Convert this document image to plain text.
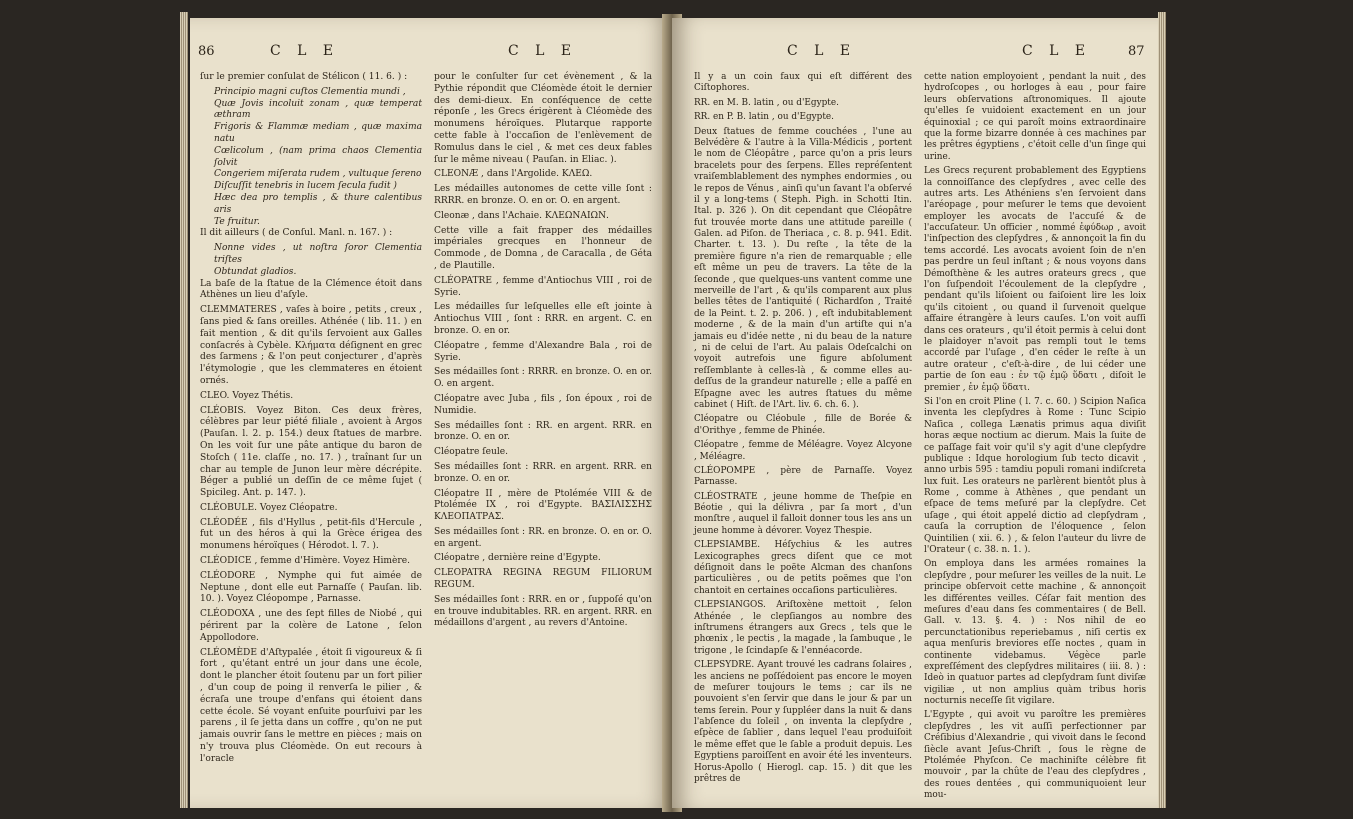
86	C L E	C L E

ſur le premier conſulat de Stélicon ( 11. 6. ) :

Principio magni cuſtos Clementia mundi ,

Quæ Jovis incoluit zonam , quæ temperat æthram

Frigoris & Flammæ mediam , quæ maxima natu

Cœlicolum , (nam prima chaos Clementia ſolvit

Congeriem miſerata rudem , vultuque ſereno

Diſcuſſit tenebris in lucem ſecula fudit )

Hæc dea pro templis , & thure calentibus aris

Te fruitur.

Il dit ailleurs ( de Conſul. Manl. n. 167. ) :

Nonne vides , ut noſtra ſoror Clementia triſtes

Obtundat gladios.

La baſe de la ſtatue de la Clémence étoit dans Athènes un lieu d'aſyle.

CLEMMATERES , vaſes à boire , petits , creux , ſans pied & ſans oreilles. Athénée ( lib. 11. ) en fait mention , & dit qu'ils ſervoient aux Galles conſacrés à Cybèle. Κλήματα déſignent en grec des ſarmens ; & l'on peut conjecturer , d'après l'étymologie , que les clemmateres en étoient ornés.

CLEO. Voyez Thétis.

CLÉOBIS. Voyez Biton. Ces deux frères, célèbres par leur piété filiale , avoient à Argos (Pauſan. l. 2. p. 154.) deux ſtatues de marbre. On les voit ſur une pâte antique du baron de Stoſch ( 11e. claſſe , no. 17. ) , traînant ſur un char au temple de Junon leur mère décrépite. Béger a publié un deſſin de ce même ſujet ( Spicileg. Ant. p. 147. ).

CLÉOBULE. Voyez Cléopatre.

CLÉODÉE , fils d'Hyllus , petit-fils d'Hercule , fut un des héros à qui la Grèce érigea des monumens héroïques ( Hérodot. l. 7. ).

CLÉODICE , femme d'Himère. Voyez Himère.

CLÉODORE , Nymphe qui fut aimée de Neptune , dont elle eut Parnaſſe ( Pauſan. lib. 10. ). Voyez Cléopompe , Parnasse.

CLÉODOXA , une des ſept filles de Niobé , qui périrent par la colère de Latone , ſelon Appollodore.

CLÉOMÈDE d'Aſtypalée , étoit ſi vigoureux & ſi fort , qu'étant entré un jour dans une école, dont le plancher étoit ſoutenu par un fort pilier , d'un coup de poing il renverſa le pilier , & écraſa une troupe d'enfans qui étoient dans cette école. Sé voyant enſuite pourſuivi par les parens , il ſe jetta dans un coffre , qu'on ne put jamais ouvrir ſans le mettre en pièces ; mais on n'y trouva plus Cléomède. On eut recours à l'oracle

pour le conſulter ſur cet évènement , & la Pythie répondit que Cléomède étoit le dernier des demi-dieux. En conſéquence de cette réponſe , les Grecs érigèrent à Cléomède des monumens héroïques. Plutarque rapporte cette fable à l'occaſion de l'enlèvement de Romulus dans le ciel , & met ces deux fables ſur le même niveau ( Pauſan. in Eliac. ).

CLEONÆ , dans l'Argolide. ΚΛΕΩ.

Les médailles autonomes de cette ville ſont : RRRR. en bronze. O. en or. O. en argent.

Cleonæ , dans l'Achaie. ΚΛΕΩΝΑΙΩΝ.

Cette ville a fait frapper des médailles impériales grecques en l'honneur de Commode , de Domna , de Caracalla , de Géta , de Plautille.

CLÉOPATRE , femme d'Antiochus VIII , roi de Syrie.

Les médailles ſur leſquelles elle eſt jointe à Antiochus VIII , ſont : RRR. en argent. C. en bronze. O. en or.

Cléopatre , femme d'Alexandre Bala , roi de Syrie.

Ses médailles ſont : RRRR. en bronze. O. en or. O. en argent.

Cléopatre avec Juba , fils , ſon époux , roi de Numidie.

Ses médailles ſont : RR. en argent. RRR. en bronze. O. en or.

Cléopatre ſeule.

Ses médailles ſont : RRR. en argent. RRR. en bronze. O. en or.

Cléopatre II , mère de Ptolémée VIII & de Ptolémée IX , roi d'Egypte. ΒΑΣΙΛΙΣΣΗΣ ΚΛΕΟΠΑΤΡΑΣ.

Ses médailles ſont : RR. en bronze. O. en or. O. en argent.

Cléopatre , dernière reine d'Egypte.

CLEOPATRA REGINA REGUM FILIORUM REGUM.

Ses médailles ſont : RRR. en or , ſuppoſé qu'on en trouve indubitables. RR. en argent. RRR. en médaillons d'argent , au revers d'Antoine.

C L E	C L E	87

Il y a un coin faux qui eſt différent des Ciſtophores.

RR. en M. B. latin , ou d'Egypte.

RR. en P. B. latin , ou d'Egypte.

Deux ſtatues de femme couchées , l'une au Belvédère & l'autre à la Villa-Médicis , portent le nom de Cléopâtre , parce qu'on a pris leurs bracelets pour des ſerpens. Elles repréſentent vraiſemblablement des nymphes endormies , ou le repos de Vénus , ainſi qu'un ſavant l'a obſervé il y a long-tems ( Steph. Pigh. in Schotti Itin. Ital. p. 326 ). On dit cependant que Cléopâtre fut trouvée morte dans une attitude pareille ( Galen. ad Piſon. de Theriaca , c. 8. p. 941. Edit. Charter. t. 13. ). Du reſte , la tête de la première figure n'a rien de remarquable ; elle eſt même un peu de travers. La tête de la ſeconde , que quelques-uns vantent comme une merveille de l'art , & qu'ils comparent aux plus belles têtes de l'antiquité ( Richardſon , Traité de la Peint. t. 2. p. 206. ) , eſt indubitablement moderne , & de la main d'un artiſte qui n'a jamais eu d'idée nette , ni du beau de la nature , ni de celui de l'art. Au palais Odeſcalchi on voyoit autrefois une figure abſolument reſſemblante à celles-là , & comme elles au-deſſus de la grandeur naturelle ; elle a paſſé en Eſpagne avec les autres ſtatues du même cabinet ( Hiſt. de l'Art. liv. 6. ch. 6. ).

Cléopatre ou Cléobule , fille de Borée & d'Orithye , femme de Phinée.

Cléopatre , femme de Méléagre. Voyez Alcyone , Méléagre.

CLÉOPOMPE , père de Parnaſſe. Voyez Parnasse.

CLÉOSTRATE , jeune homme de Theſpie en Béotie , qui la délivra , par ſa mort , d'un monſtre , auquel il falloit donner tous les ans un jeune homme à dévorer. Voyez Thespie.

CLEPSIAMBE. Héſychius & les autres Lexicographes grecs diſent que ce mot déſignoit dans le poëte Alcman des chanſons particulières , ou de petits poëmes que l'on chantoit en certaines occaſions particulières.

CLEPSIANGOS. Ariſtoxène mettoit , ſelon Athénée , le clepſiangos au nombre des inſtrumens étrangers aux Grecs , tels que le phœnix , le pectis , la magade , la ſambuque , le trigone , le ſcindapſe & l'ennéacorde.

CLEPSYDRE. Ayant trouvé les cadrans ſolaires , les anciens ne poſſédoient pas encore le moyen de meſurer toujours le tems ; car ils ne pouvoient s'en ſervir que dans le jour & par un tems ſerein. Pour y ſuppléer dans la nuit & dans l'abſence du ſoleil , on inventa la clepſydre , eſpèce de ſablier , dans lequel l'eau produiſoit le même effet que le ſable a produit depuis. Les Egyptiens paroiſſent en avoir été les inventeurs. Horus-Apollo ( Hierogl. cap. 15. ) dit que les prêtres de

cette nation employoient , pendant la nuit , des hydroſcopes , ou horloges à eau , pour faire leurs obſervations aſtronomiques. Il ajoute qu'elles ſe vuidoient exactement en un jour équinoxial ; ce qui paroît moins extraordinaire que la forme bizarre donnée à ces machines par les prêtres égyptiens , c'étoit celle d'un ſinge qui urine.

Les Grecs reçurent probablement des Egyptiens la connoiſſance des clepſydres , avec celle des autres arts. Les Athéniens s'en ſervoient dans l'aréopage , pour meſurer le tems que devoient employer les avocats de l'accuſé & de l'accuſateur. Un officier , nommé ἐφύδωρ , avoit l'inſpection des clepſydres , & annonçoit la fin du tems accordé. Les avocats avoient ſoin de n'en pas perdre un ſeul inſtant ; & nous voyons dans Démoſthène & les autres orateurs grecs , que l'on ſuſpendoit l'écoulement de la clepſydre , pendant qu'ils liſoient ou faiſoient lire les loix qu'ils citoient , ou quand il ſurvenoit quelque affaire étrangère à leurs cauſes. L'on voit auſſi dans ces orateurs , qu'il étoit permis à celui dont le plaidoyer n'avoit pas rempli tout le tems accordé par l'uſage , d'en céder le reſte à un autre orateur , c'eſt-à-dire , de lui céder une partie de ſon eau : ἐν τῷ ἐμῷ ὕδατι , diſoit le premier , ἐν ἐμῷ ὕδατι.

Si l'on en croit Pline ( l. 7. c. 60. ) Scipion Naſica inventa les clepſydres à Rome : Tunc Scipio Naſica , collega Lænatis primus aqua diviſit horas æque noctium ac dierum. Mais la ſuite de ce paſſage fait voir qu'il s'y agit d'une clepſydre publique : Idque horologium ſub tecto dicavit , anno urbis 595 : tamdiu populi romani indiſcreta lux fuit. Les orateurs ne parlèrent bientôt plus à Rome , comme à Athènes , que pendant un eſpace de tems meſuré par la clepſydre. Cet uſage , qui étoit appelé dictio ad clepſydram , cauſa la corruption de l'éloquence , ſelon Quintilien ( xii. 6. ) , & ſelon l'auteur du livre de l'Orateur ( c. 38. n. 1. ).

On employa dans les armées romaines la clepſydre , pour meſurer les veilles de la nuit. Le principe obſervoit cette machine , & annonçoit les différentes veilles. Céſar fait mention des meſures d'eau dans ſes commentaires ( de Bell. Gall. v. 13. §. 4. ) : Nos nihil de eo percunctationibus reperiebamus , niſi certis ex aqua menſuris breviores eſſe noctes , quam in continente videbamus. Végèce parle expreſſément des clepſydres militaires ( iii. 8. ) : Ideò in quatuor partes ad clepſydram ſunt diviſæ vigiliæ , ut non amplius quàm tribus horis nocturnis neceſſe ſit vigilare.

L'Egypte , qui avoit vu paroître les premières clepſydres , les vit auſſi perfectionner par Créſibius d'Alexandrie , qui vivoit dans le ſecond ſiècle avant Jeſus-Chriſt , ſous le règne de Ptolémée Phyſcon. Ce machiniſte célèbre fit mouvoir , par la chûte de l'eau des clepſydres , des roues dentées , qui communiquoient leur mou-
